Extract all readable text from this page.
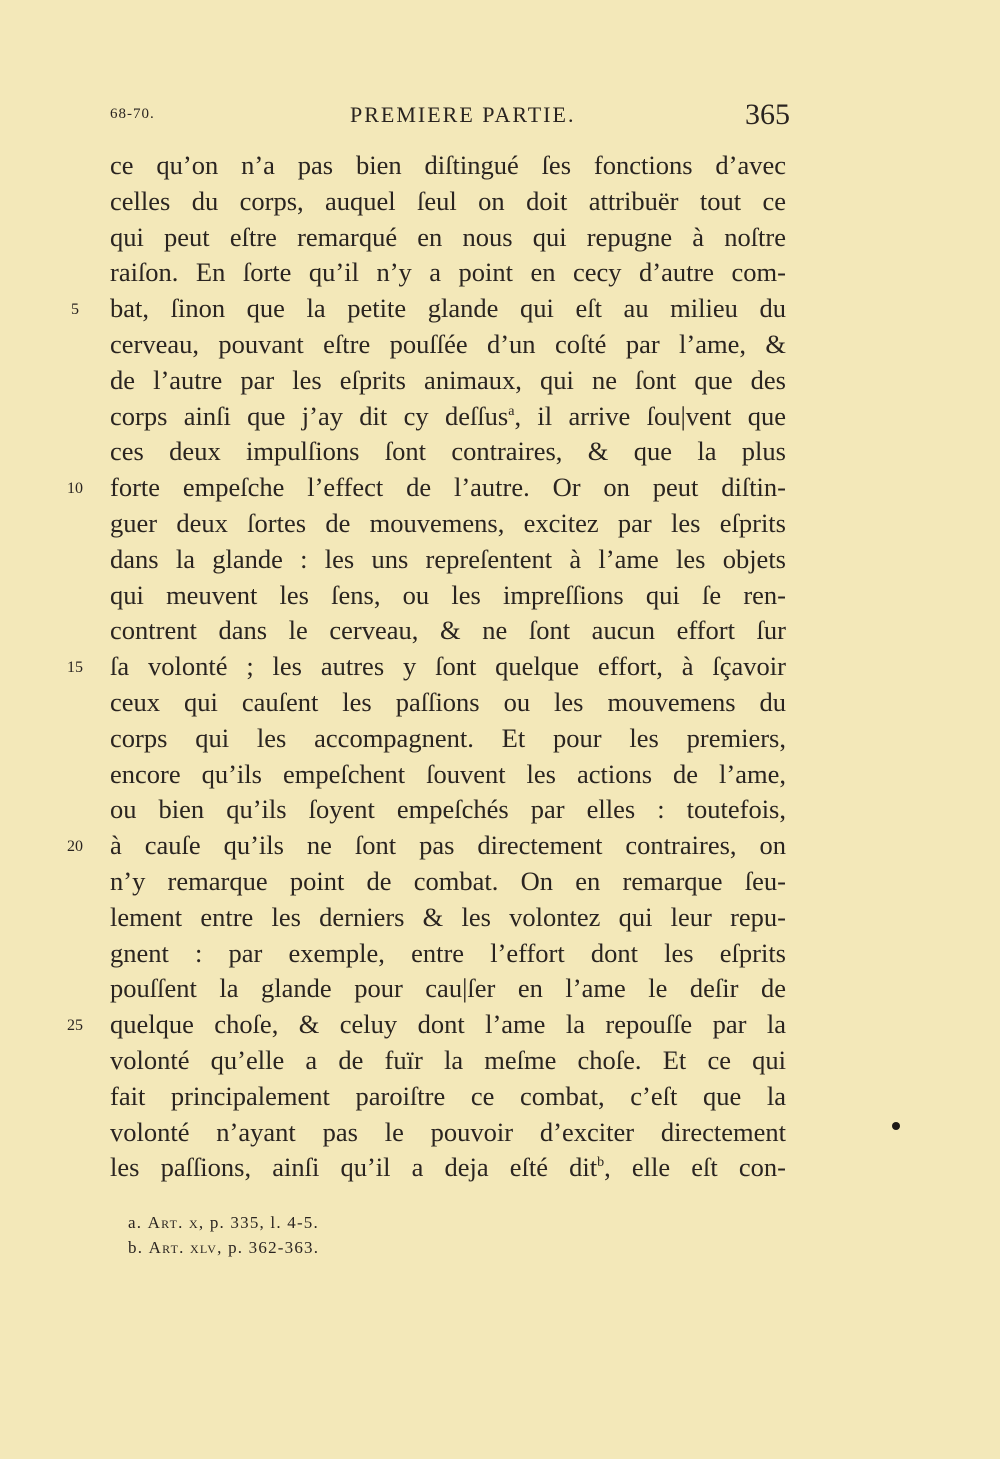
68-70.	PREMIERE PARTIE.	365
ce qu’on n’a pas bien diſtingué ſes fonctions d’avec
celles du corps, auquel ſeul on doit attribuër tout ce
qui peut eſtre remarqué en nous qui repugne à noſtre
raiſon. En ſorte qu’il n’y a point en cecy d’autre com-
5	bat, ſinon que la petite glande qui eſt au milieu du
cerveau, pouvant eſtre pouſſée d’un coſté par l’ame, &
de l’autre par les eſprits animaux, qui ne ſont que des
corps ainſi que j’ay dit cy deſſus$^a$, il arrive ſou|vent que
ces deux impulſions ſont contraires, & que la plus
10 forte empeſche l’effect de l’autre. Or on peut diſtin-
guer deux ſortes de mouvemens, excitez par les eſprits
dans la glande : les uns repreſentent à l’ame les objets
qui meuvent les ſens, ou les impreſſions qui ſe ren-
contrent dans le cerveau, & ne ſont aucun effort ſur
15 ſa volonté ; les autres y ſont quelque effort, à ſçavoir
ceux qui cauſent les paſſions ou les mouvemens du
corps qui les accompagnent. Et pour les premiers,
encore qu’ils empeſchent ſouvent les actions de l’ame,
ou bien qu’ils ſoyent empeſchés par elles : toutefois,
20 à cauſe qu’ils ne ſont pas directement contraires, on
n’y remarque point de combat. On en remarque ſeu-
lement entre les derniers & les volontez qui leur repu-
gnent : par exemple, entre l’effort dont les eſprits
pouſſent la glande pour cau|ſer en l’ame le deſir de
25 quelque choſe, & celuy dont l’ame la repouſſe par la
volonté qu’elle a de fuïr la meſme choſe. Et ce qui
fait principalement paroiſtre ce combat, c’eſt que la
volonté n’ayant pas le pouvoir d’exciter directement
les paſſions, ainſi qu’il a deja eſté dit$^b$, elle eſt con-
a. Art. x, p. 335, l. 4-5.
b. Art. xlv, p. 362-363.
